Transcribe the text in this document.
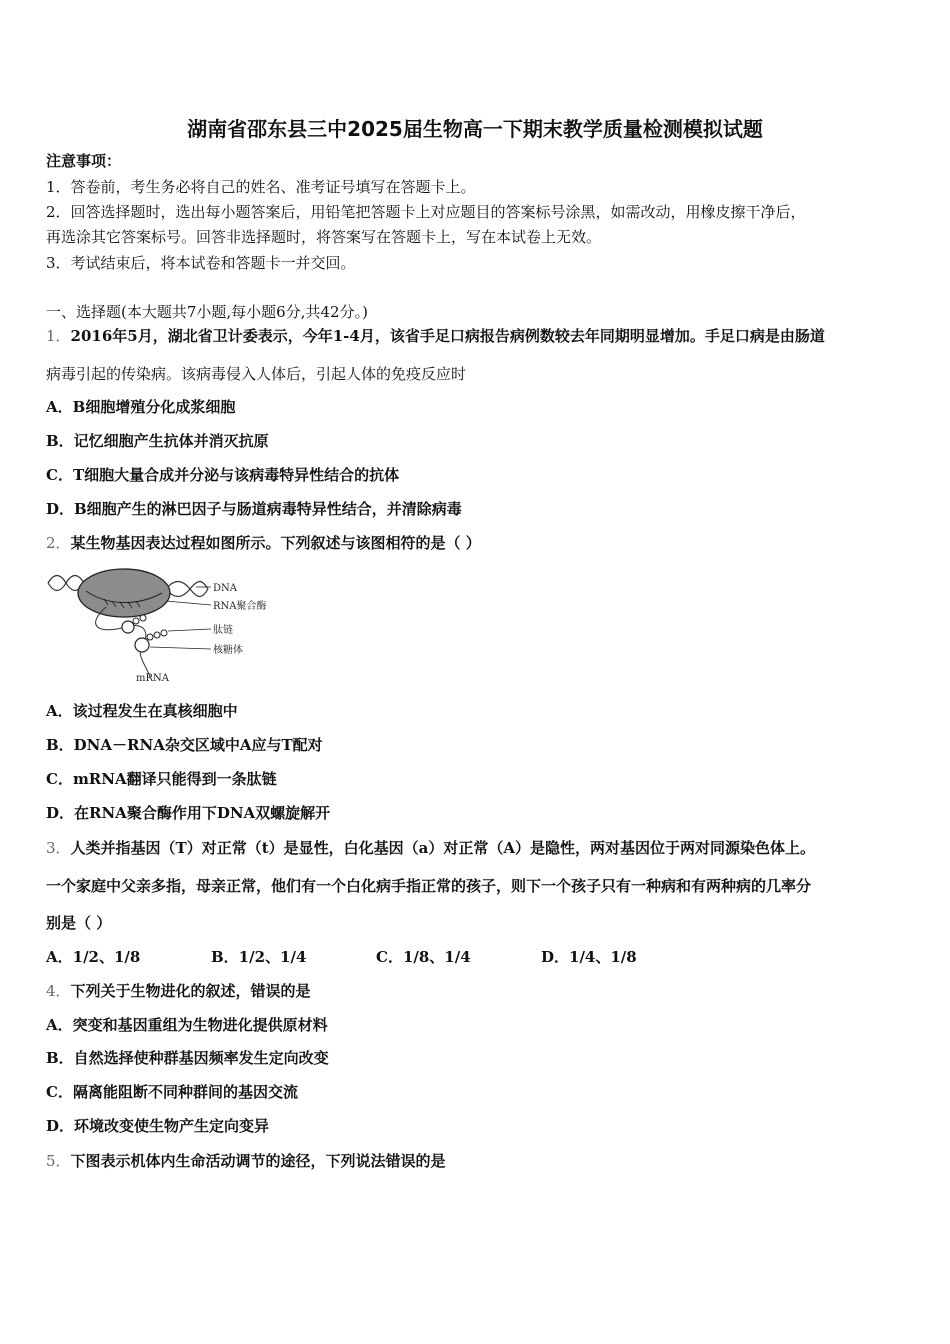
湖南省邵东县三中2025届生物高一下期末教学质量检测模拟试题
注意事项：
1．答卷前，考生务必将自己的姓名、准考证号填写在答题卡上。
2．回答选择题时，选出每小题答案后，用铅笔把答题卡上对应题目的答案标号涂黑，如需改动，用橡皮擦干净后，
再选涂其它答案标号。回答非选择题时，将答案写在答题卡上，写在本试卷上无效。
3．考试结束后，将本试卷和答题卡一并交回。
一、选择题(本大题共7小题,每小题6分,共42分。)
1．2016年5月，湖北省卫计委表示，今年1-4月，该省手足口病报告病例数较去年同期明显增加。手足口病是由肠道
病毒引起的传染病。该病毒侵入人体后，引起人体的免疫反应时
A．B细胞增殖分化成浆细胞
B．记忆细胞产生抗体并消灭抗原
C．T细胞大量合成并分泌与该病毒特异性结合的抗体
D．B细胞产生的淋巴因子与肠道病毒特异性结合，并清除病毒
2．某生物基因表达过程如图所示。下列叙述与该图相符的是（ ）
DNA
RNA聚合酶
肽链
核糖体
mRNA
A．该过程发生在真核细胞中
B．DNA－RNA杂交区域中A应与T配对
C．mRNA翻译只能得到一条肽链
D．在RNA聚合酶作用下DNA双螺旋解开
3．人类并指基因（T）对正常（t）是显性，白化基因（a）对正常（A）是隐性，两对基因位于两对同源染色体上。
一个家庭中父亲多指，母亲正常，他们有一个白化病手指正常的孩子，则下一个孩子只有一种病和有两种病的几率分
别是（ ）
A．1/2、1/8	B．1/2、1/4	C．1/8、1/4	D．1/4、1/8
4．下列关于生物进化的叙述，错误的是
A．突变和基因重组为生物进化提供原材料
B．自然选择使种群基因频率发生定向改变
C．隔离能阻断不同种群间的基因交流
D．环境改变使生物产生定向变异
5．下图表示机体内生命活动调节的途径，下列说法错误的是
